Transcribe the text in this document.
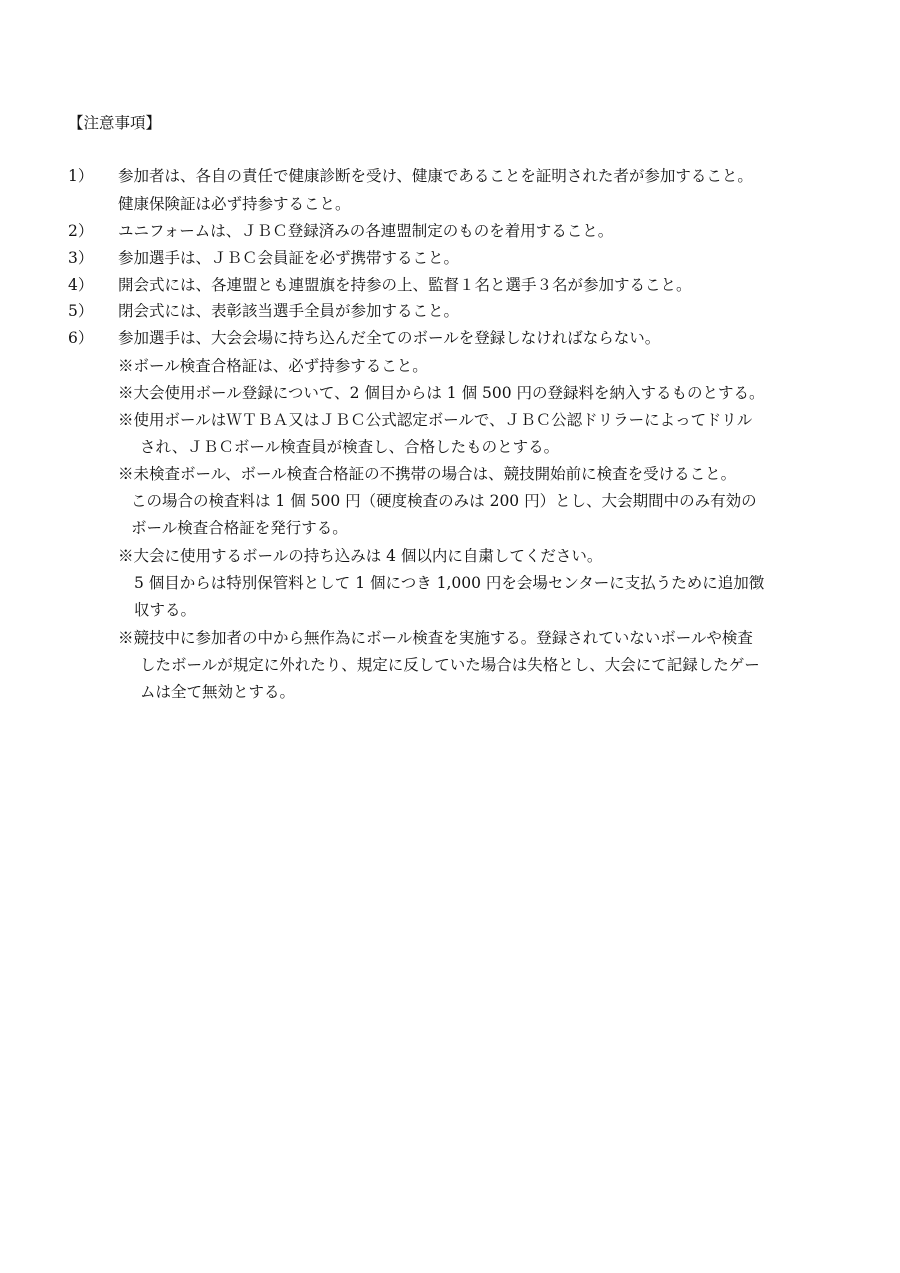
【注意事項】
1） 参加者は、各自の責任で健康診断を受け、健康であることを証明された者が参加すること。
健康保険証は必ず持参すること。
2） ユニフォームは、ＪＢＣ登録済みの各連盟制定のものを着用すること。
3） 参加選手は、ＪＢＣ会員証を必ず携帯すること。
4） 開会式には、各連盟とも連盟旗を持参の上、監督１名と選手３名が参加すること。
5） 閉会式には、表彰該当選手全員が参加すること。
6） 参加選手は、大会会場に持ち込んだ全てのボールを登録しなければならない。
※ボール検査合格証は、必ず持参すること。
※大会使用ボール登録について、2 個目からは 1 個 500 円の登録料を納入するものとする。
※使用ボールはＷＴＢＡ又はＪＢＣ公式認定ボールで、ＪＢＣ公認ドリラーによってドリル
され、ＪＢＣボール検査員が検査し、合格したものとする。
※未検査ボール、ボール検査合格証の不携帯の場合は、競技開始前に検査を受けること。
この場合の検査料は 1 個 500 円（硬度検査のみは 200 円）とし、大会期間中のみ有効の
ボール検査合格証を発行する。
※大会に使用するボールの持ち込みは 4 個以内に自粛してください。
5 個目からは特別保管料として 1 個につき 1,000 円を会場センターに支払うために追加徴
収する。
※競技中に参加者の中から無作為にボール検査を実施する。登録されていないボールや検査
したボールが規定に外れたり、規定に反していた場合は失格とし、大会にて記録したゲー
ムは全て無効とする。
